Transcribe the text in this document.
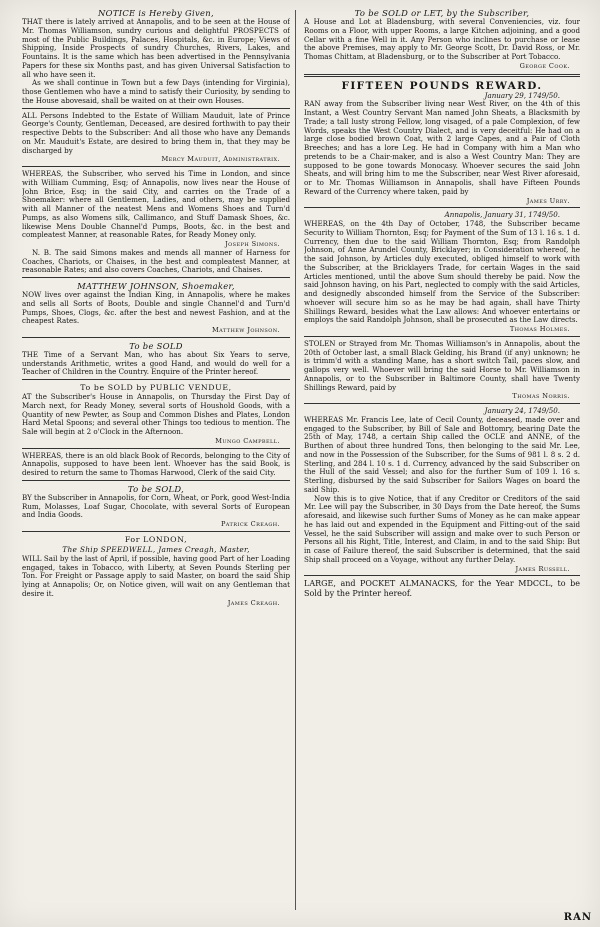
NOTICE is Hereby Given,

THAT there is lately arrived at Annapolis, and to be seen at the House of Mr. Thomas Williamson, sundry curious and delightful PROSPECTS of most of the Public Buildings, Palaces, Hospitals, &c. in Europe; Views of Shipping, Inside Prospects of sundry Churches, Rivers, Lakes, and Fountains. It is the same which has been advertised in the Pennsylvania Papers for these six Months past, and has given Universal Satisfaction to all who have seen it.

As we shall continue in Town but a few Days (intending for Virginia), those Gentlemen who have a mind to satisfy their Curiosity, by sending to the House abovesaid, shall be waited on at their own Houses.

ALL Persons Indebted to the Estate of William Mauduit, late of Prince George's County, Gentleman, Deceased, are desired forthwith to pay their respective Debts to the Subscriber: And all those who have any Demands on Mr. Mauduit's Estate, are desired to bring them in, that they may be discharged by

Mercy Mauduit, Administratrix.

WHEREAS, the Subscriber, who served his Time in London, and since with William Cumming, Esq; of Annapolis, now lives near the House of John Brice, Esq; in the said City, and carries on the Trade of a Shoemaker: where all Gentlemen, Ladies, and others, may be supplied with all Manner of the neatest Mens and Womens Shoes and Turn'd Pumps, as also Womens silk, Callimanco, and Stuff Damask Shoes, &c. likewise Mens Double Channel'd Pumps, Boots, &c. in the best and compleatest Manner, at reasonable Rates, for Ready Money only.

Joseph Simons.

N. B. The said Simons makes and mends all manner of Harness for Coaches, Chariots, or Chaises, in the best and compleatest Manner, at reasonable Rates; and also covers Coaches, Chariots, and Chaises.

MATTHEW JOHNSON, Shoemaker,

NOW lives over against the Indian King, in Annapolis, where he makes and sells all Sorts of Boots, Double and single Channel'd and Turn'd Pumps, Shoes, Clogs, &c. after the best and newest Fashion, and at the cheapest Rates.

Matthew Johnson.

To be SOLD

THE Time of a Servant Man, who has about Six Years to serve, understands Arithmetic, writes a good Hand, and would do well for a Teacher of Children in the Country. Enquire of the Printer hereof.

To be SOLD by PUBLIC VENDUE,

AT the Subscriber's House in Annapolis, on Thursday the First Day of March next, for Ready Money, several sorts of Houshold Goods, with a Quantity of new Pewter, as Soup and Common Dishes and Plates, London Hard Metal Spoons; and several other Things too tedious to mention. The Sale will begin at 2 o'Clock in the Afternoon.

Mungo Campbell.

WHEREAS, there is an old black Book of Records, belonging to the City of Annapolis, supposed to have been lent. Whoever has the said Book, is desired to return the same to Thomas Harwood, Clerk of the said City.

To be SOLD,

BY the Subscriber in Annapolis, for Corn, Wheat, or Pork, good West-India Rum, Molasses, Loaf Sugar, Chocolate, with several Sorts of European and India Goods.

Patrick Creagh.

For LONDON,

The Ship SPEEDWELL, James Creagh, Master,

WILL Sail by the last of April, if possible, having good Part of her Loading engaged, takes in Tobacco, with Liberty, at Seven Pounds Sterling per Ton. For Freight or Passage apply to said Master, on board the said Ship lying at Annapolis; Or, on Notice given, will wait on any Gentleman that desire it.

James Creagh.

To be SOLD or LET, by the Subscriber,

A House and Lot at Bladensburg, with several Conveniencies, viz. four Rooms on a Floor, with upper Rooms, a large Kitchen adjoining, and a good Cellar with a fine Well in it. Any Person who inclines to purchase or lease the above Premises, may apply to Mr. George Scott, Dr. David Ross, or Mr. Thomas Chittam, at Bladensburg, or to the Subscriber at Port Tobacco.

George Cook.

FIFTEEN POUNDS REWARD.

January 29, 1749/50.

RAN away from the Subscriber living near West River, on the 4th of this Instant, a West Country Servant Man named John Sheats, a Blacksmith by Trade; a tall lusty strong Fellow, long visaged, of a pale Complexion, of few Words, speaks the West Country Dialect, and is very deceitful: He had on a large close bodied brown Coat, with 2 large Capes, and a Pair of Cloth Breeches; and has a lore Leg. He had in Company with him a Man who pretends to be a Chair-maker, and is also a West Country Man: They are supposed to be gone towards Monocasy. Whoever secures the said John Sheats, and will bring him to me the Subscriber, near West River aforesaid, or to Mr. Thomas Williamson in Annapolis, shall have Fifteen Pounds Reward of the Currency where taken, paid by

James Urry.

Annapolis, January 31, 1749/50.

WHEREAS, on the 4th Day of October, 1748, the Subscriber became Security to William Thornton, Esq; for Payment of the Sum of 13 l. 16 s. 1 d. Currency, then due to the said William Thornton, Esq; from Randolph Johnson, of Anne Arundel County, Bricklayer; in Consideration whereof, he the said Johnson, by Articles duly executed, obliged himself to work with the Subscriber, at the Bricklayers Trade, for certain Wages in the said Articles mentioned, until the above Sum should thereby be paid. Now the said Johnson having, on his Part, neglected to comply with the said Articles, and designedly absconded himself from the Service of the Subscriber: whoever will secure him so as he may be had again, shall have Thirty Shillings Reward, besides what the Law allows: And whoever entertains or employs the said Randolph Johnson, shall be prosecuted as the Law directs.

Thomas Holmes.

STOLEN or Strayed from Mr. Thomas Williamson's in Annapolis, about the 20th of October last, a small Black Gelding, his Brand (if any) unknown; he is trimm'd with a standing Mane, has a short switch Tail, paces slow, and gallops very well. Whoever will bring the said Horse to Mr. Williamson in Annapolis, or to the Subscriber in Baltimore County, shall have Twenty Shillings Reward, paid by

Thomas Norris.

January 24, 1749/50.

WHEREAS Mr. Francis Lee, late of Cecil County, deceased, made over and engaged to the Subscriber, by Bill of Sale and Bottomry, bearing Date the 25th of May, 1748, a certain Ship called the OCLE and ANNE, of the Burthen of about three hundred Tons, then belonging to the said Mr. Lee, and now in the Possession of the Subscriber, for the Sums of 981 l. 8 s. 2 d. Sterling, and 284 l. 10 s. 1 d. Currency, advanced by the said Subscriber on the Hull of the said Vessel; and also for the further Sum of 109 l. 16 s. Sterling, disbursed by the said Subscriber for Sailors Wages on board the said Ship.

Now this is to give Notice, that if any Creditor or Creditors of the said Mr. Lee will pay the Subscriber, in 30 Days from the Date hereof, the Sums aforesaid, and likewise such further Sums of Money as he can make appear he has laid out and expended in the Equipment and Fitting-out of the said Vessel, he the said Subscriber will assign and make over to such Person or Persons all his Right, Title, Interest, and Claim, in and to the said Ship: But in case of Failure thereof, the said Subscriber is determined, that the said Ship shall proceed on a Voyage, without any further Delay.

James Russell.

LARGE, and POCKET ALMANACKS, for the Year MDCCL, to be Sold by the Printer hereof.

RAN
